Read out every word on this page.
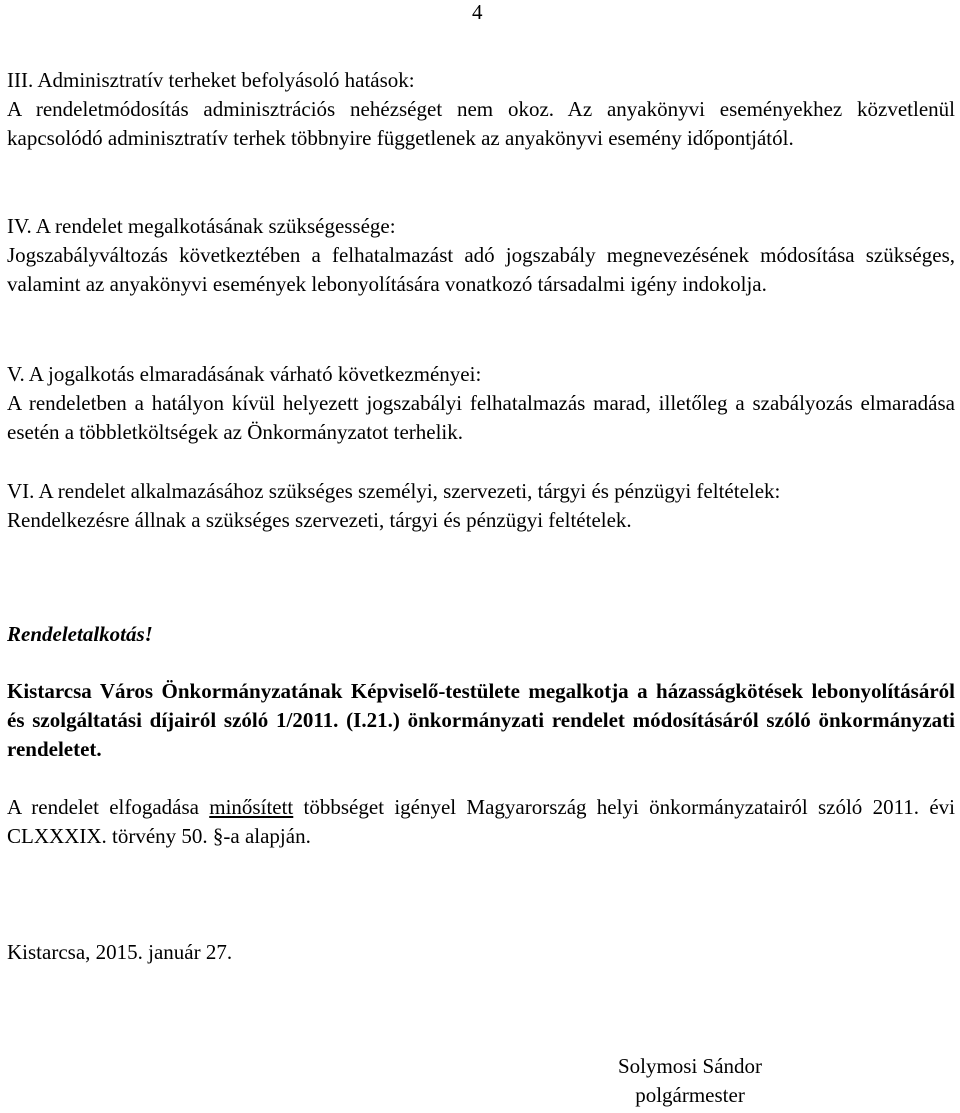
4

III. Adminisztratív terheket befolyásoló hatások:

A rendeletmódosítás adminisztrációs nehézséget nem okoz. Az anyakönyvi eseményekhez közvetlenül kapcsolódó adminisztratív terhek többnyire függetlenek az anyakönyvi esemény időpontjától.

IV. A rendelet megalkotásának szükségessége:

Jogszabályváltozás következtében a felhatalmazást adó jogszabály megnevezésének módosítása szükséges, valamint az anyakönyvi események lebonyolítására vonatkozó társadalmi igény indokolja.

V. A jogalkotás elmaradásának várható következményei:

A rendeletben a hatályon kívül helyezett jogszabályi felhatalmazás marad, illetőleg a szabályozás elmaradása esetén a többletköltségek az Önkormányzatot terhelik.

VI. A rendelet alkalmazásához szükséges személyi, szervezeti, tárgyi és pénzügyi feltételek:

Rendelkezésre állnak a szükséges szervezeti, tárgyi és pénzügyi feltételek.

Rendeletalkotás!
Kistarcsa Város Önkormányzatának Képviselő-testülete megalkotja a házasságkötések lebonyolításáról és szolgáltatási díjairól szóló 1/2011. (I.21.) önkormányzati rendelet módosításáról szóló önkormányzati rendeletet.
A rendelet elfogadása minősített többséget igényel Magyarország helyi önkormányzatairól szóló 2011. évi CLXXXIX. törvény 50. §-a alapján.
Kistarcsa, 2015. január 27.

Solymosi Sándor

polgármester
